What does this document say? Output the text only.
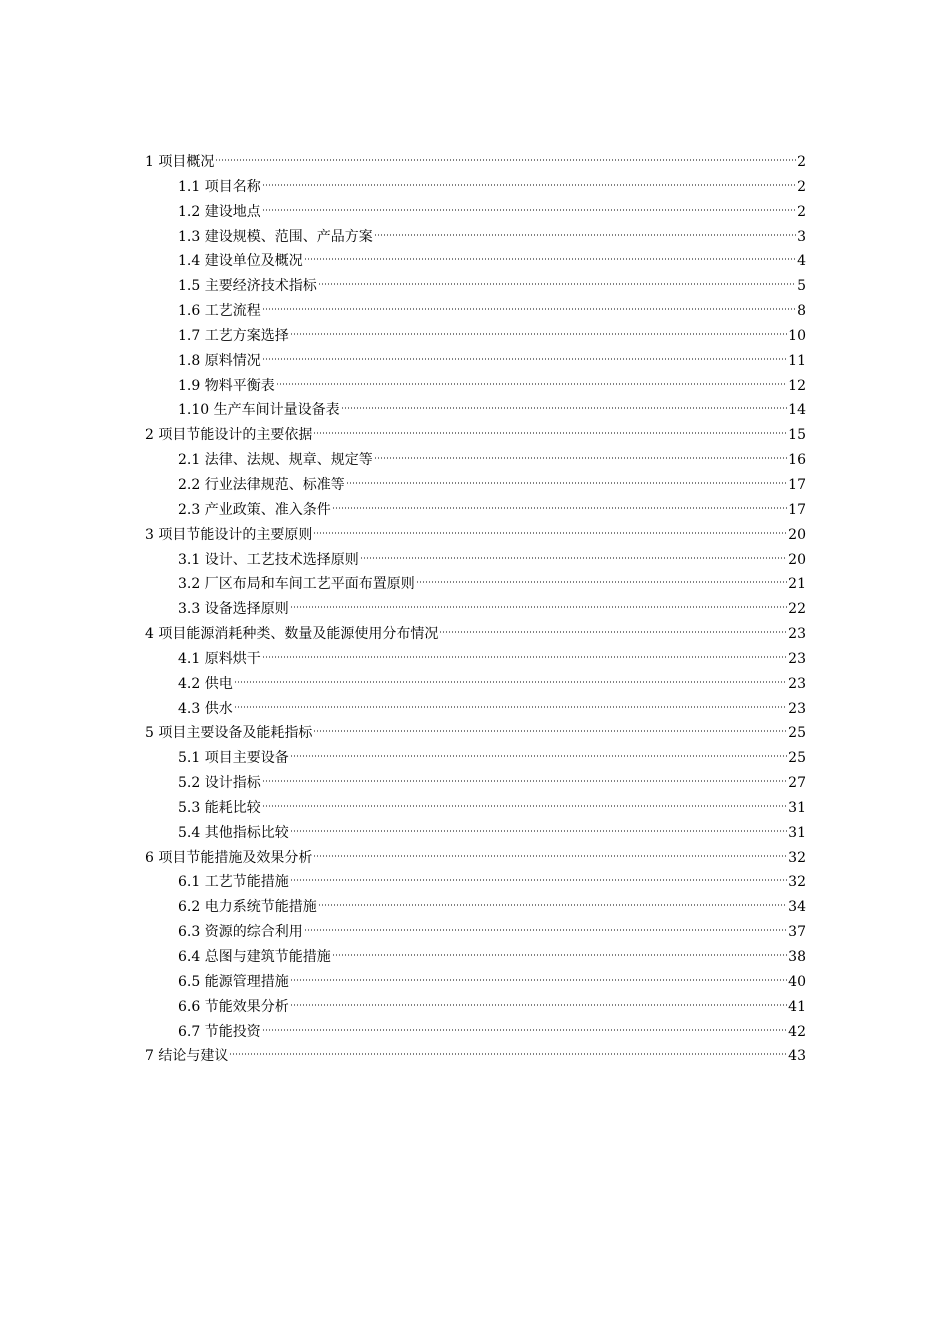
1 项目概况	2
1.1 项目名称	2
1.2 建设地点	2
1.3 建设规模、范围、产品方案	3
1.4 建设单位及概况	4
1.5 主要经济技术指标	5
1.6 工艺流程	8
1.7 工艺方案选择	10
1.8 原料情况	11
1.9 物料平衡表	12
1.10 生产车间计量设备表	14
2 项目节能设计的主要依据	15
2.1 法律、法规、规章、规定等	16
2.2 行业法律规范、标准等	17
2.3 产业政策、准入条件	17
3 项目节能设计的主要原则	20
3.1 设计、工艺技术选择原则	20
3.2 厂区布局和车间工艺平面布置原则	21
3.3 设备选择原则	22
4 项目能源消耗种类、数量及能源使用分布情况	23
4.1 原料烘干	23
4.2 供电	23
4.3 供水	23
5 项目主要设备及能耗指标	25
5.1 项目主要设备	25
5.2 设计指标	27
5.3 能耗比较	31
5.4 其他指标比较	31
6 项目节能措施及效果分析	32
6.1 工艺节能措施	32
6.2 电力系统节能措施	34
6.3 资源的综合利用	37
6.4 总图与建筑节能措施	38
6.5 能源管理措施	40
6.6 节能效果分析	41
6.7 节能投资	42
7 结论与建议	43
